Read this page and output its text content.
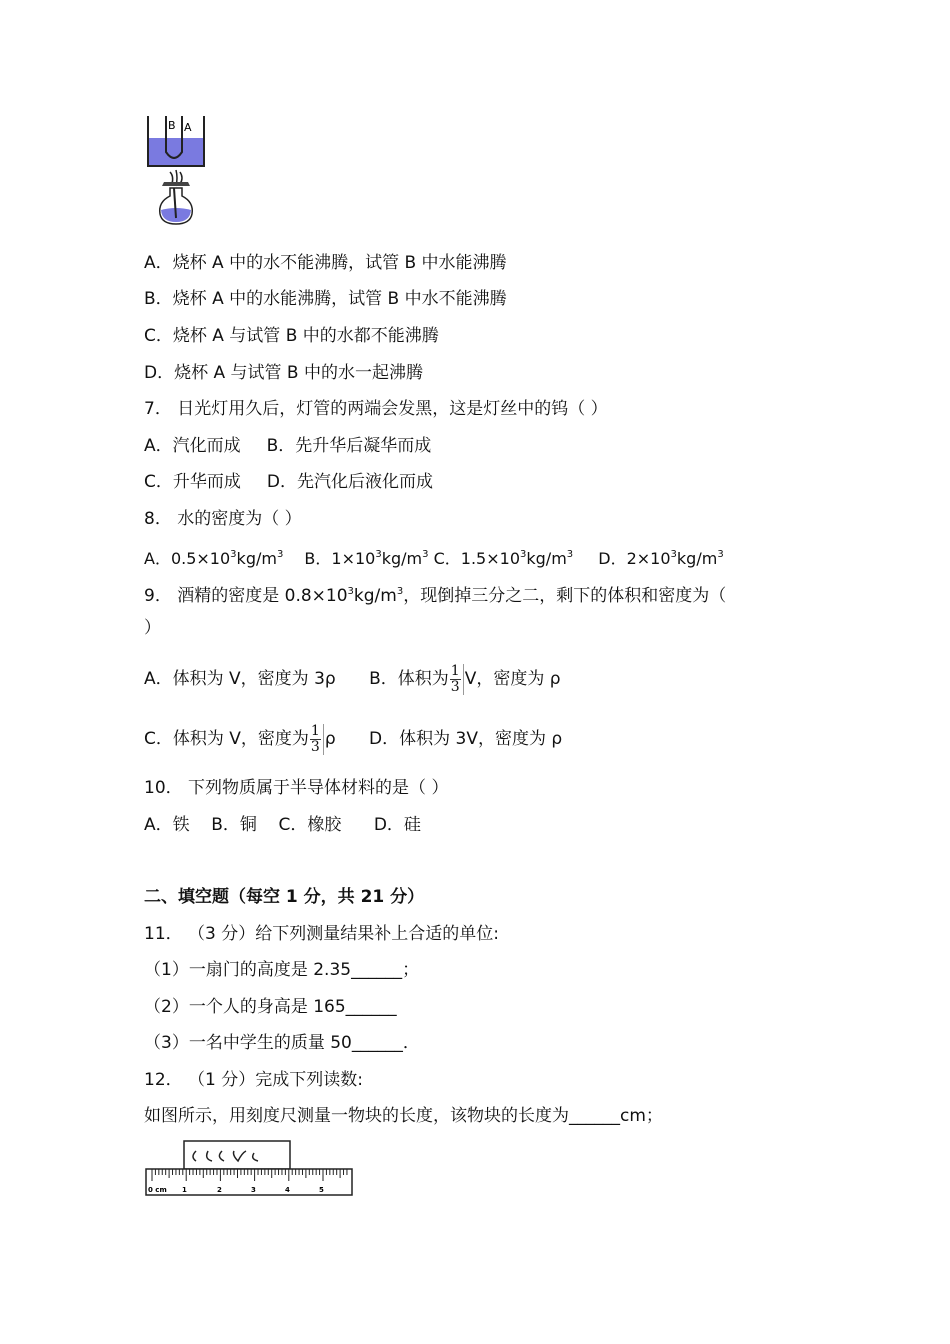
B A
A．烧杯 A 中的水不能沸腾，试管 B 中水能沸腾
B．烧杯 A 中的水能沸腾，试管 B 中水不能沸腾
C．烧杯 A 与试管 B 中的水都不能沸腾
D．烧杯 A 与试管 B 中的水一起沸腾
7． 日光灯用久后，灯管的两端会发黑，这是灯丝中的钨（ ）
A．汽化而成 B．先升华后凝华而成
C．升华而成 D．先汽化后液化而成
8． 水的密度为（ ）
A．$0.5\times 10^3kg/m^3$ B．$1\times 10^3kg/m^3$ C．$1.5\times 10^3kg/m^3$ D．$2\times 10^3kg/m^3$
9． 酒精的密度是 $0.8\times 10^3kg/m^3$，现倒掉三分之二，剩下的体积和密度为（
）
A．体积为 V，密度为 3ρ B．体积为 $\frac{1}{3}$ V，密度为 ρ
C．体积为 V，密度为 $\frac{1}{3}$ ρ D．体积为 3V，密度为 ρ
10． 下列物质属于半导体材料的是（ ）
A．铁    B．铜    C．橡胶      D．硅
二、填空题（每空 1 分，共 21 分）
11． （3 分）给下列测量结果补上合适的单位:
（1）一扇门的高度是 2.35______；
（2）一个人的身高是 165______
（3）一名中学生的质量 50______．
12． （1 分）完成下列读数:
如图所示，用刻度尺测量一物块的长度，该物块的长度为______cm；
0 cm 1	2	3	4	5
